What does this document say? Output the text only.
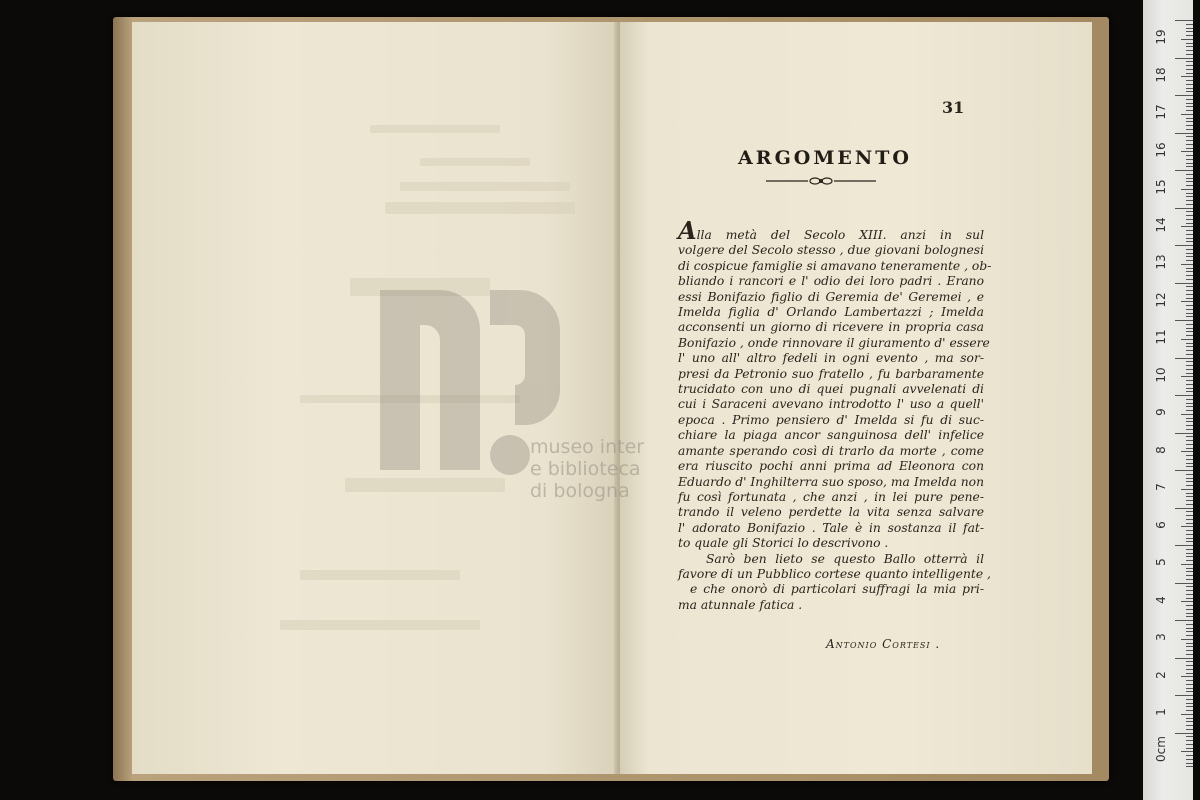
museo inter
e biblioteca
di bologna
31
ARGOMENTO
Alla metà del Secolo XIII. anzi in sul
volgere del Secolo stesso , due giovani bolognesi
di cospicue famiglie si amavano teneramente , ob-
bliando i rancori e l' odio dei loro padri . Erano
essi Bonifazio figlio di Geremia de' Geremei , e
Imelda figlia d' Orlando Lambertazzi ; Imelda
acconsenti un giorno di ricevere in propria casa
Bonifazio , onde rinnovare il giuramento d' essere
l' uno all' altro fedeli in ogni evento , ma sor-
presi da Petronio suo fratello , fu barbaramente
trucidato con uno di quei pugnali avvelenati di
cui i Saraceni avevano introdotto l' uso a quell'
epoca . Primo pensiero d' Imelda si fu di suc-
chiare la piaga ancor sanguinosa dell' infelice
amante sperando così di trarlo da morte , come
era riuscito pochi anni prima ad Eleonora con
Eduardo d' Inghilterra suo sposo, ma Imelda non
fu così fortunata , che anzi , in lei pure pene-
trando il veleno perdette la vita senza salvare
l' adorato Bonifazio . Tale è in sostanza il fat-
to quale gli Storici lo descrivono .
Sarò ben lieto se questo Ballo otterrà il
favore di un Pubblico cortese quanto intelligente ,
e che onorò di particolari suffragi la mia pri-
ma atunnale fatica .
Antonio Cortesi .
19
18
17
16
15
14
13
12
11
10
9
8
7
6
5
4
3
2
1
0cm
